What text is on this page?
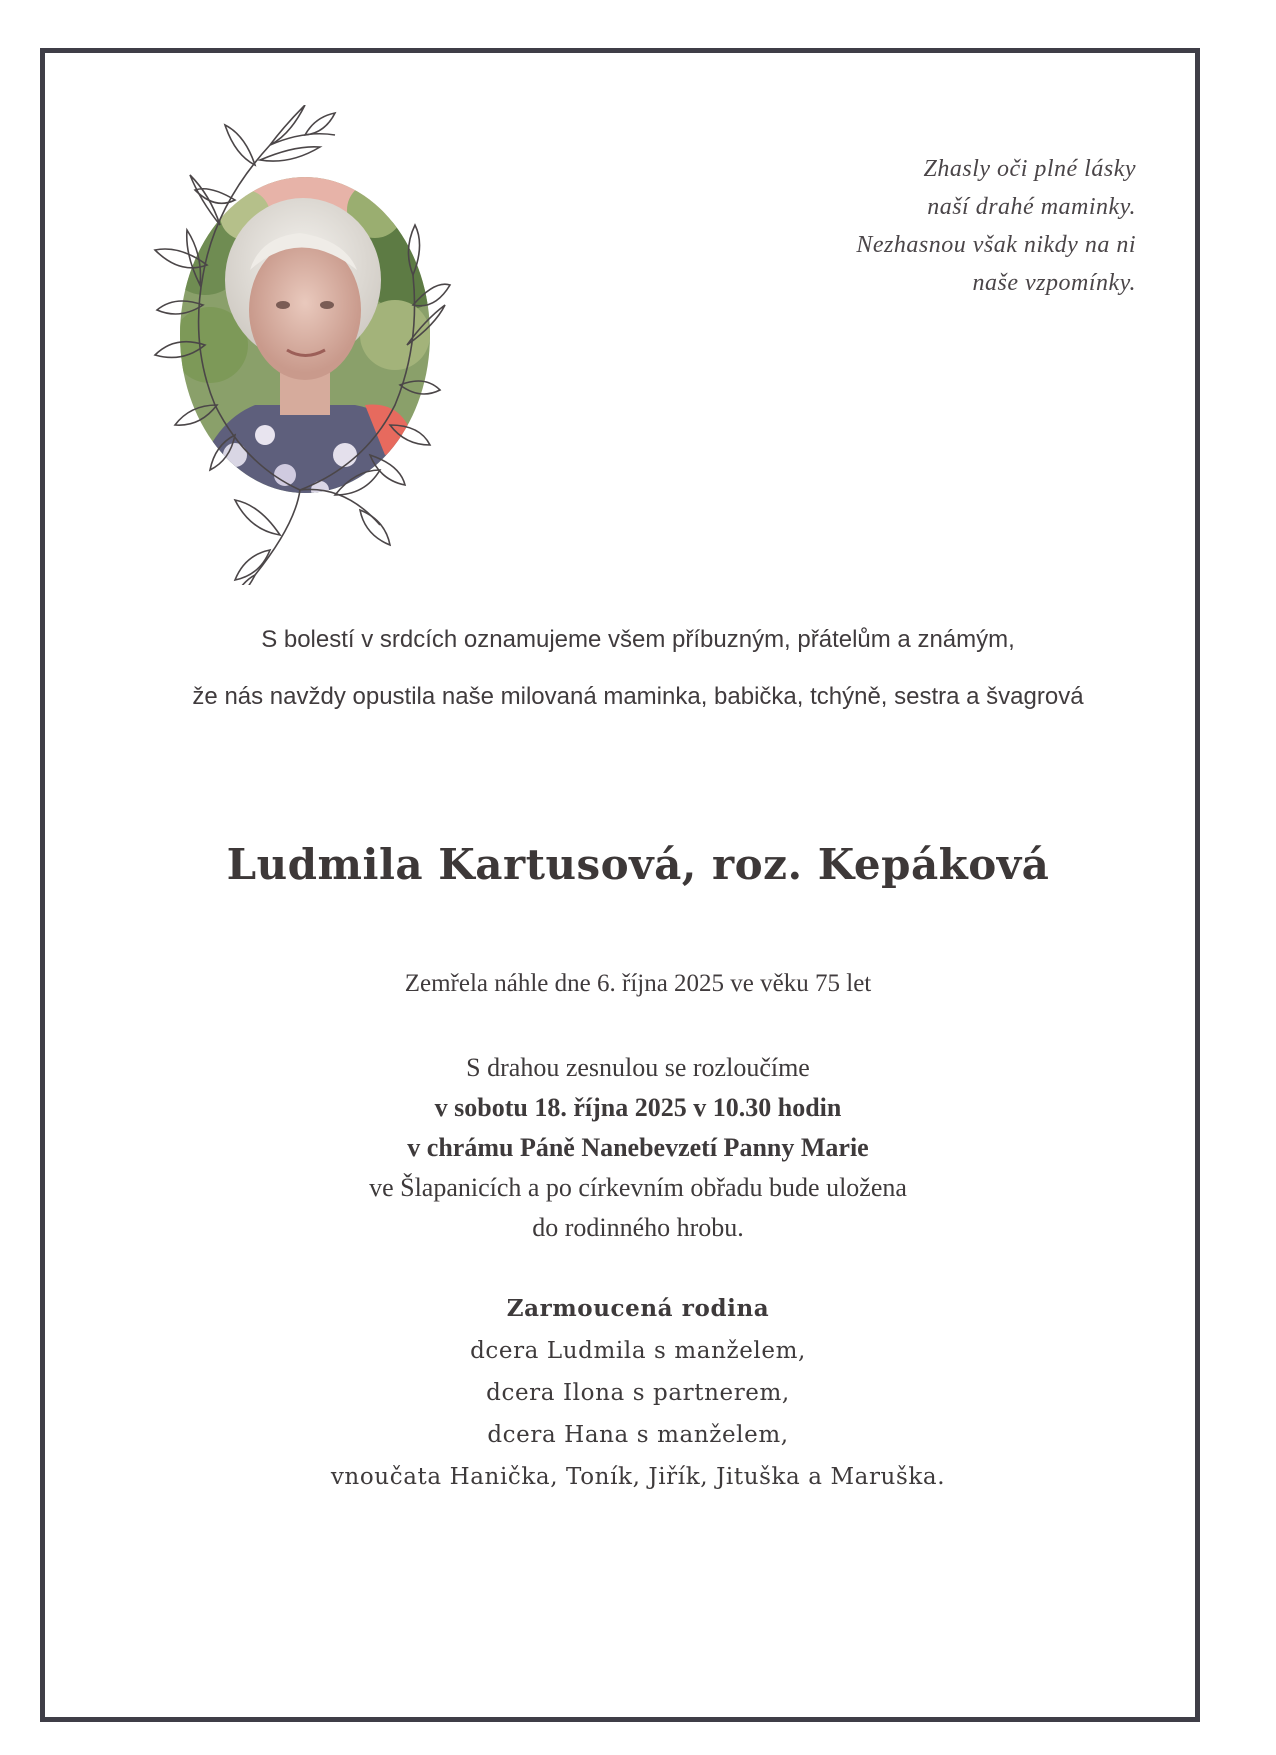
Zhasly oči plné lásky
naší drahé maminky.
Nezhasnou však nikdy na ni
naše vzpomínky.
S bolestí v srdcích oznamujeme všem příbuzným, přátelům a známým,
že nás navždy opustila naše milovaná maminka, babička, tchýně, sestra a švagrová
Ludmila Kartusová, roz. Kepáková
Zemřela náhle dne 6. října 2025 ve věku 75 let
S drahou zesnulou se rozloučíme
v sobotu 18. října 2025 v 10.30 hodin
v chrámu Páně Nanebevzetí Panny Marie
ve Šlapanicích a po církevním obřadu bude uložena
do rodinného hrobu.
Zarmoucená rodina
dcera Ludmila s manželem,
dcera Ilona s partnerem,
dcera Hana s manželem,
vnoučata Hanička, Toník, Jiřík, Jituška a Maruška.
